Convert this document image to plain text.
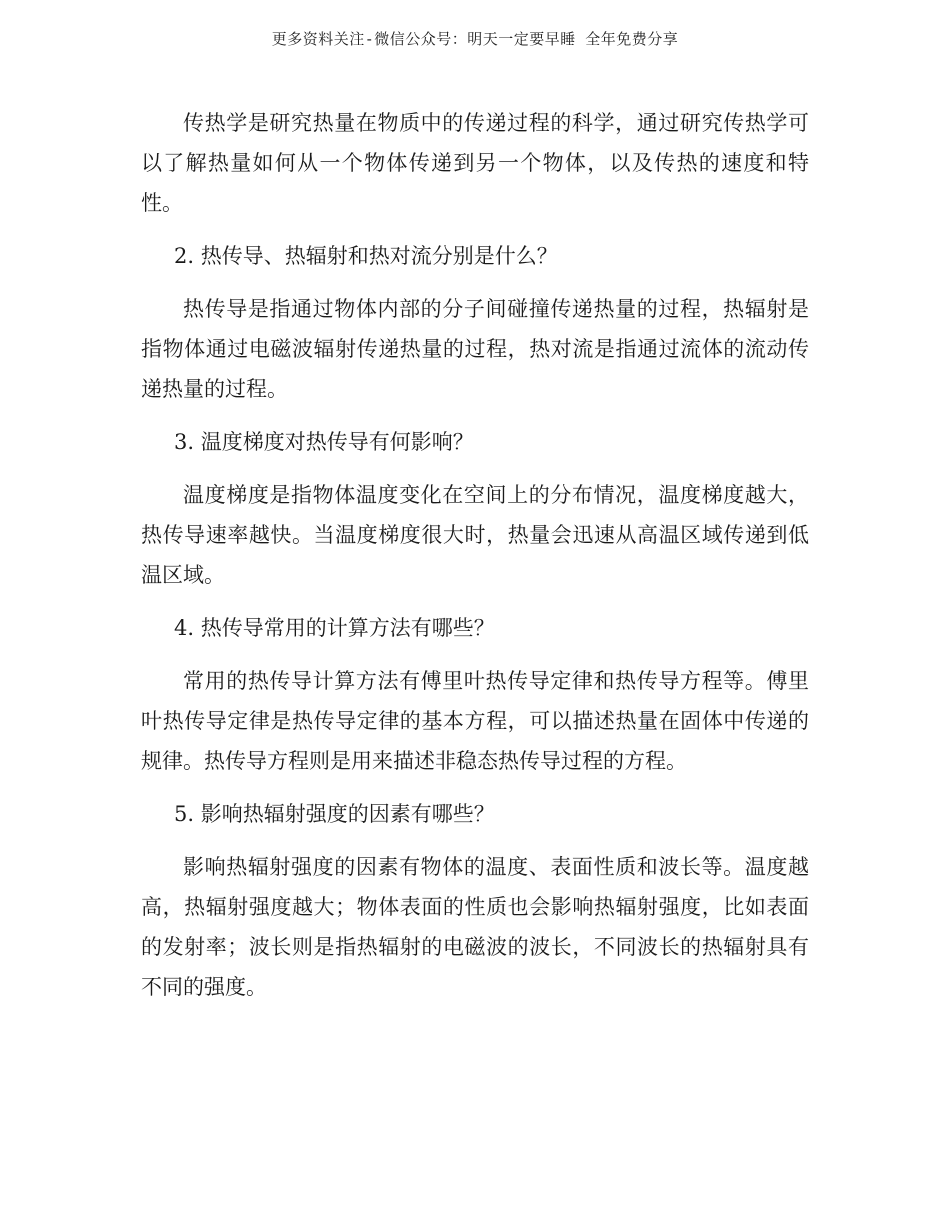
更多资料关注-微信公众号：明天一定要早睡 全年免费分享

传热学是研究热量在物质中的传递过程的科学，通过研究传热学可以了解热量如何从一个物体传递到另一个物体，以及传热的速度和特性。

2. 热传导、热辐射和热对流分别是什么？

热传导是指通过物体内部的分子间碰撞传递热量的过程，热辐射是指物体通过电磁波辐射传递热量的过程，热对流是指通过流体的流动传递热量的过程。

3. 温度梯度对热传导有何影响？

温度梯度是指物体温度变化在空间上的分布情况，温度梯度越大，热传导速率越快。当温度梯度很大时，热量会迅速从高温区域传递到低温区域。

4. 热传导常用的计算方法有哪些？

常用的热传导计算方法有傅里叶热传导定律和热传导方程等。傅里叶热传导定律是热传导定律的基本方程，可以描述热量在固体中传递的规律。热传导方程则是用来描述非稳态热传导过程的方程。

5. 影响热辐射强度的因素有哪些？

影响热辐射强度的因素有物体的温度、表面性质和波长等。温度越高，热辐射强度越大；物体表面的性质也会影响热辐射强度，比如表面的发射率；波长则是指热辐射的电磁波的波长，不同波长的热辐射具有不同的强度。
